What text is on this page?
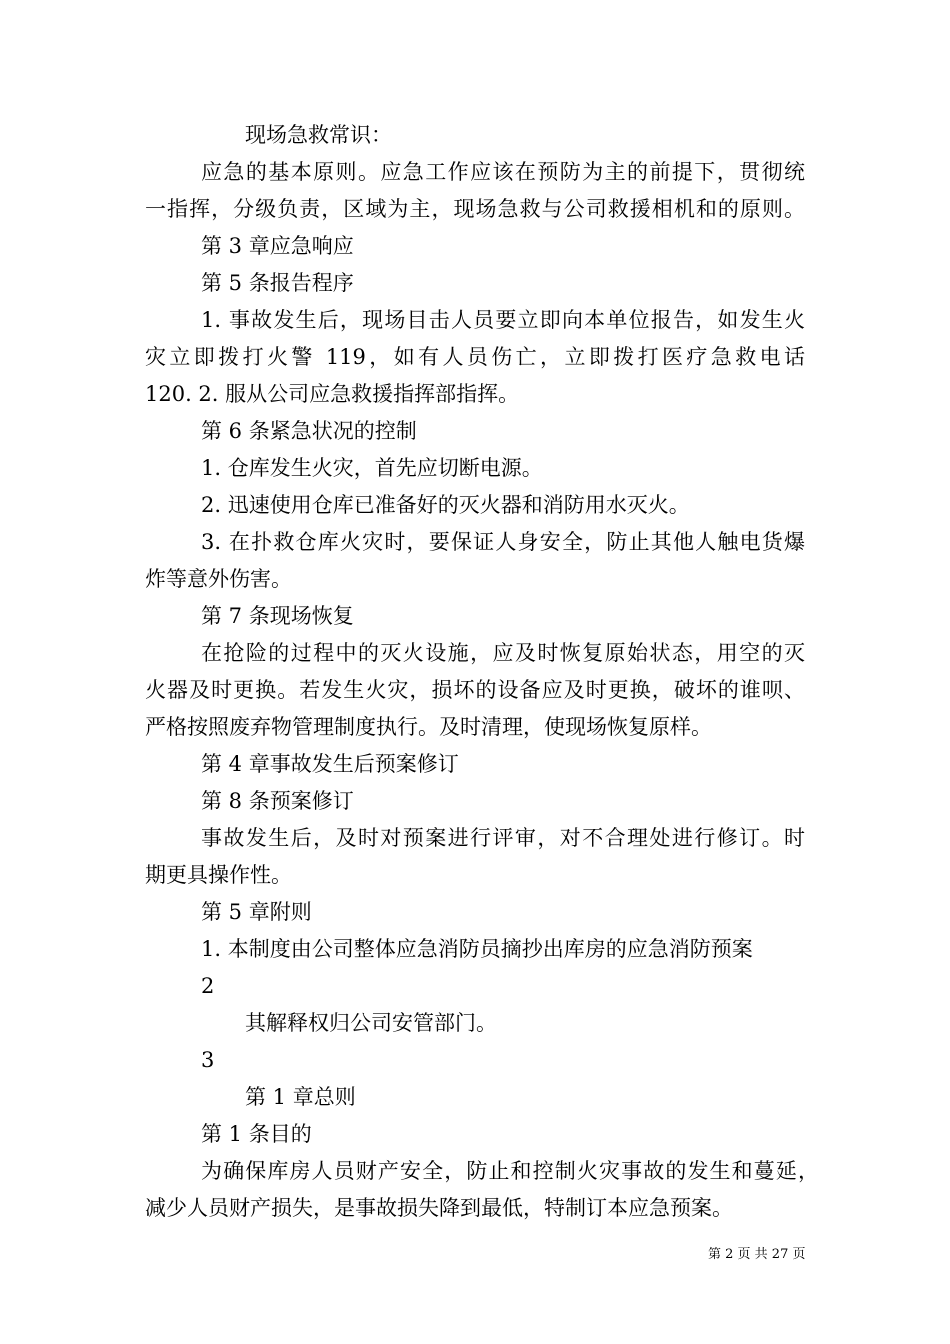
现场急救常识：
应急的基本原则。应急工作应该在预防为主的前提下，贯彻统
一指挥，分级负责，区域为主，现场急救与公司救援相机和的原则。
第 3 章应急响应
第 5 条报告程序
1. 事故发生后，现场目击人员要立即向本单位报告，如发生火
灾立即拨打火警 119，如有人员伤亡，立即拨打医疗急救电话
120. 2. 服从公司应急救援指挥部指挥。
第 6 条紧急状况的控制
1. 仓库发生火灾，首先应切断电源。
2. 迅速使用仓库已准备好的灭火器和消防用水灭火。
3. 在扑救仓库火灾时，要保证人身安全，防止其他人触电货爆
炸等意外伤害。
第 7 条现场恢复
在抢险的过程中的灭火设施，应及时恢复原始状态，用空的灭
火器及时更换。若发生火灾，损坏的设备应及时更换，破坏的谁呗、
严格按照废弃物管理制度执行。及时清理，使现场恢复原样。
第 4 章事故发生后预案修订
第 8 条预案修订
事故发生后，及时对预案进行评审，对不合理处进行修订。时
期更具操作性。
第 5 章附则
1. 本制度由公司整体应急消防员摘抄出库房的应急消防预案
2
其解释权归公司安管部门。
3
第 1 章总则
第 1 条目的
为确保库房人员财产安全，防止和控制火灾事故的发生和蔓延，
减少人员财产损失，是事故损失降到最低，特制订本应急预案。
第 2 页 共 27 页
